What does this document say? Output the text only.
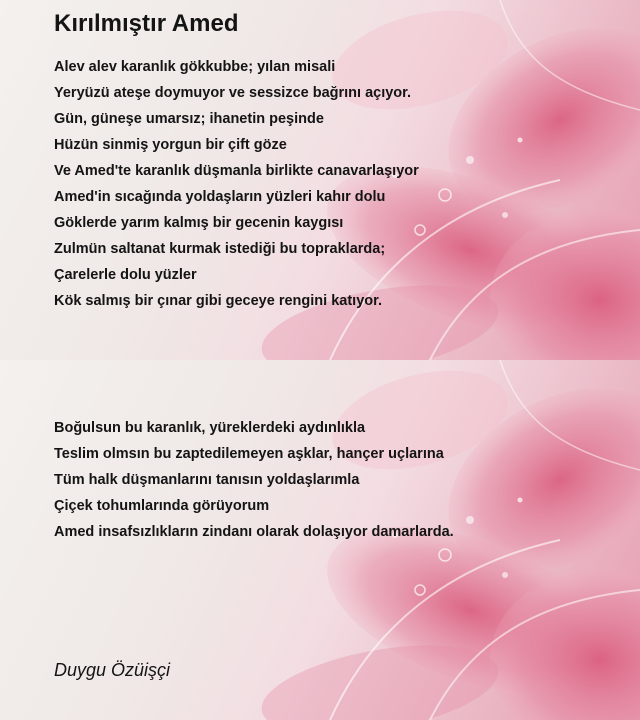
Kırılmıştır Amed
Alev alev karanlık gökkubbe; yılan misali
Yeryüzü ateşe doymuyor ve sessizce bağrını açıyor.
Gün, güneşe umarsız; ihanetin peşinde
Hüzün sinmiş yorgun bir çift göze
Ve Amed'te karanlık düşmanla birlikte canavarlaşıyor
Amed'in sıcağında yoldaşların yüzleri kahır dolu
Göklerde yarım kalmış bir gecenin kaygısı
Zulmün saltanat kurmak istediği bu topraklarda;
Çarelerle dolu yüzler
Kök salmış bir çınar gibi geceye rengini katıyor.
Boğulsun bu karanlık, yüreklerdeki aydınlıkla
Teslim olmsın bu zaptedilemeyen aşklar, hançer uçlarına
Tüm halk düşmanlarını tanısın yoldaşlarımla
Çiçek tohumlarında görüyorum
Amed insafsızlıkların zindanı olarak dolaşıyor damarlarda.
Duygu Özüişçi
